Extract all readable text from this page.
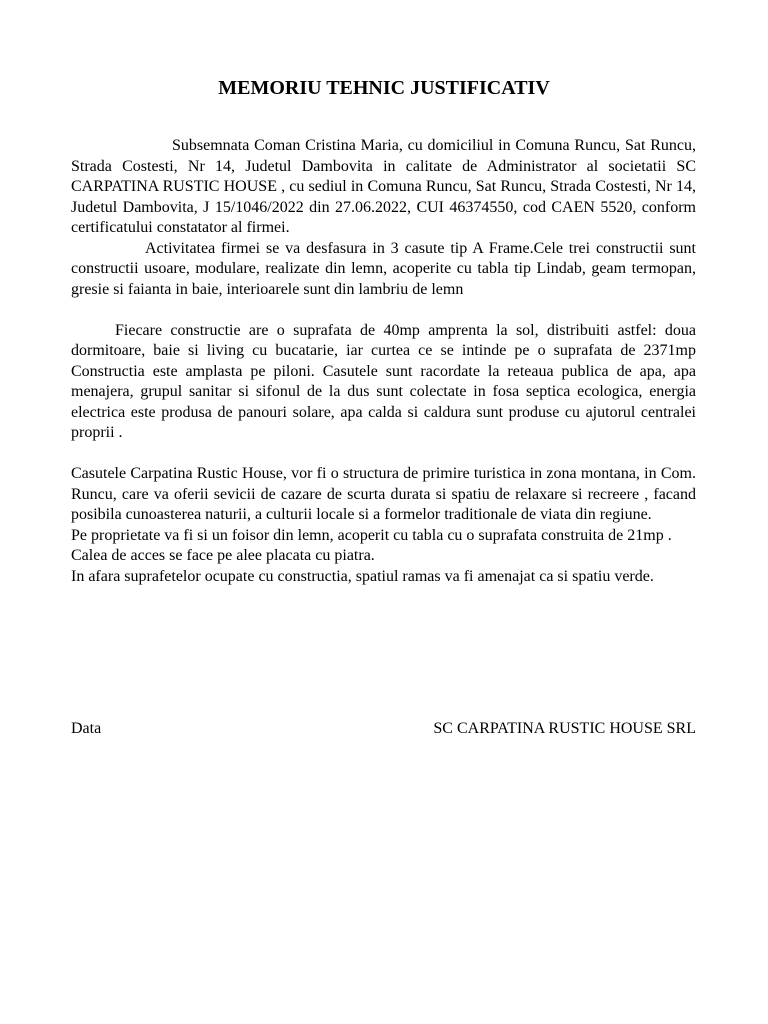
MEMORIU TEHNIC JUSTIFICATIV

Subsemnata Coman Cristina Maria, cu domiciliul in Comuna Runcu, Sat Runcu, Strada Costesti, Nr 14, Judetul Dambovita in calitate de Administrator al societatii SC CARPATINA RUSTIC HOUSE , cu sediul in Comuna Runcu, Sat Runcu, Strada Costesti, Nr 14, Judetul Dambovita, J 15/1046/2022 din 27.06.2022, CUI 46374550, cod CAEN 5520, conform certificatului constatator al firmei.

Activitatea firmei se va desfasura in 3 casute tip A Frame.Cele trei constructii sunt constructii usoare, modulare, realizate din lemn, acoperite cu tabla tip Lindab, geam termopan, gresie si faianta in baie, interioarele sunt din lambriu de lemn

Fiecare constructie are o suprafata de 40mp amprenta la sol, distribuiti astfel: doua dormitoare, baie si living cu bucatarie, iar curtea ce se intinde pe o suprafata de 2371mp Constructia este amplasta pe piloni. Casutele sunt racordate la reteaua publica de apa, apa menajera, grupul sanitar si sifonul de la dus sunt colectate in fosa septica ecologica, energia electrica este produsa de panouri solare, apa calda si caldura sunt produse cu ajutorul centralei proprii .

Casutele Carpatina Rustic House, vor fi o structura de primire turistica in zona montana, in Com. Runcu, care va oferii sevicii de cazare de scurta durata si spatiu de relaxare si recreere , facand posibila cunoasterea naturii, a culturii locale si a formelor traditionale de viata din regiune.

Pe proprietate va fi si un foisor din lemn, acoperit cu tabla cu o suprafata construita de 21mp .

Calea de acces se face pe alee placata cu piatra.

In afara suprafetelor ocupate cu constructia, spatiul ramas va fi amenajat ca si spatiu verde.

Data	SC CARPATINA RUSTIC HOUSE SRL
